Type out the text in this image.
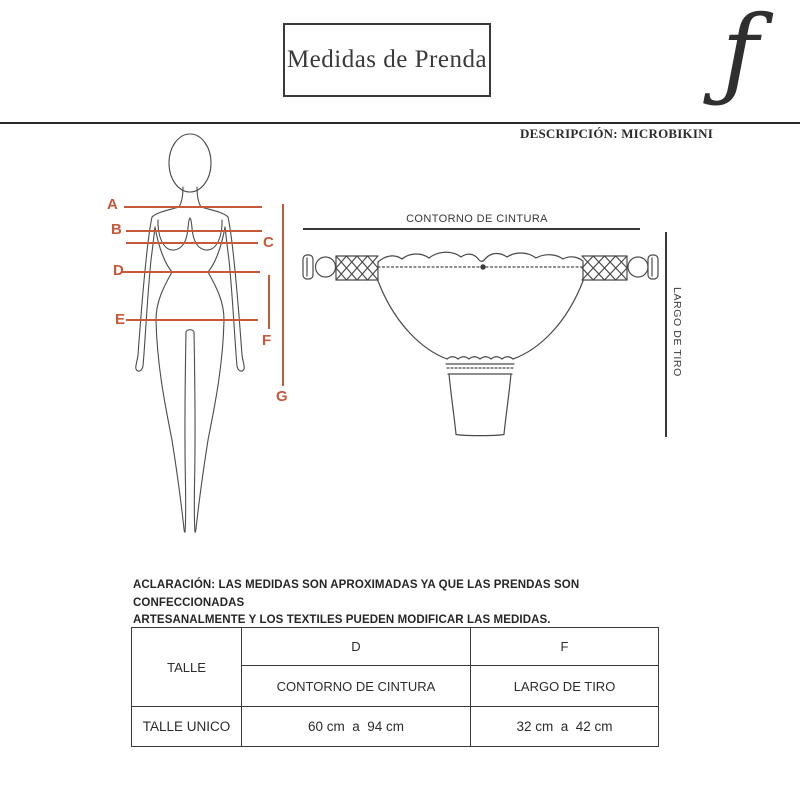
Medidas de Prenda ƒ
DESCRIPCIÓN: MICROBIKINI
A
B
C
D
E
F
G
CONTORNO DE CINTURA
LARGO DE TIRO
ACLARACIÓN: LAS MEDIDAS SON APROXIMADAS YA QUE LAS PRENDAS SON CONFECCIONADAS
ARTESANALMENTE Y LOS TEXTILES PUEDEN MODIFICAR LAS MEDIDAS.
TALLE	D	F
	CONTORNO DE CINTURA	LARGO DE TIRO
TALLE UNICO	60 cm  a  94 cm	32 cm  a  42 cm
